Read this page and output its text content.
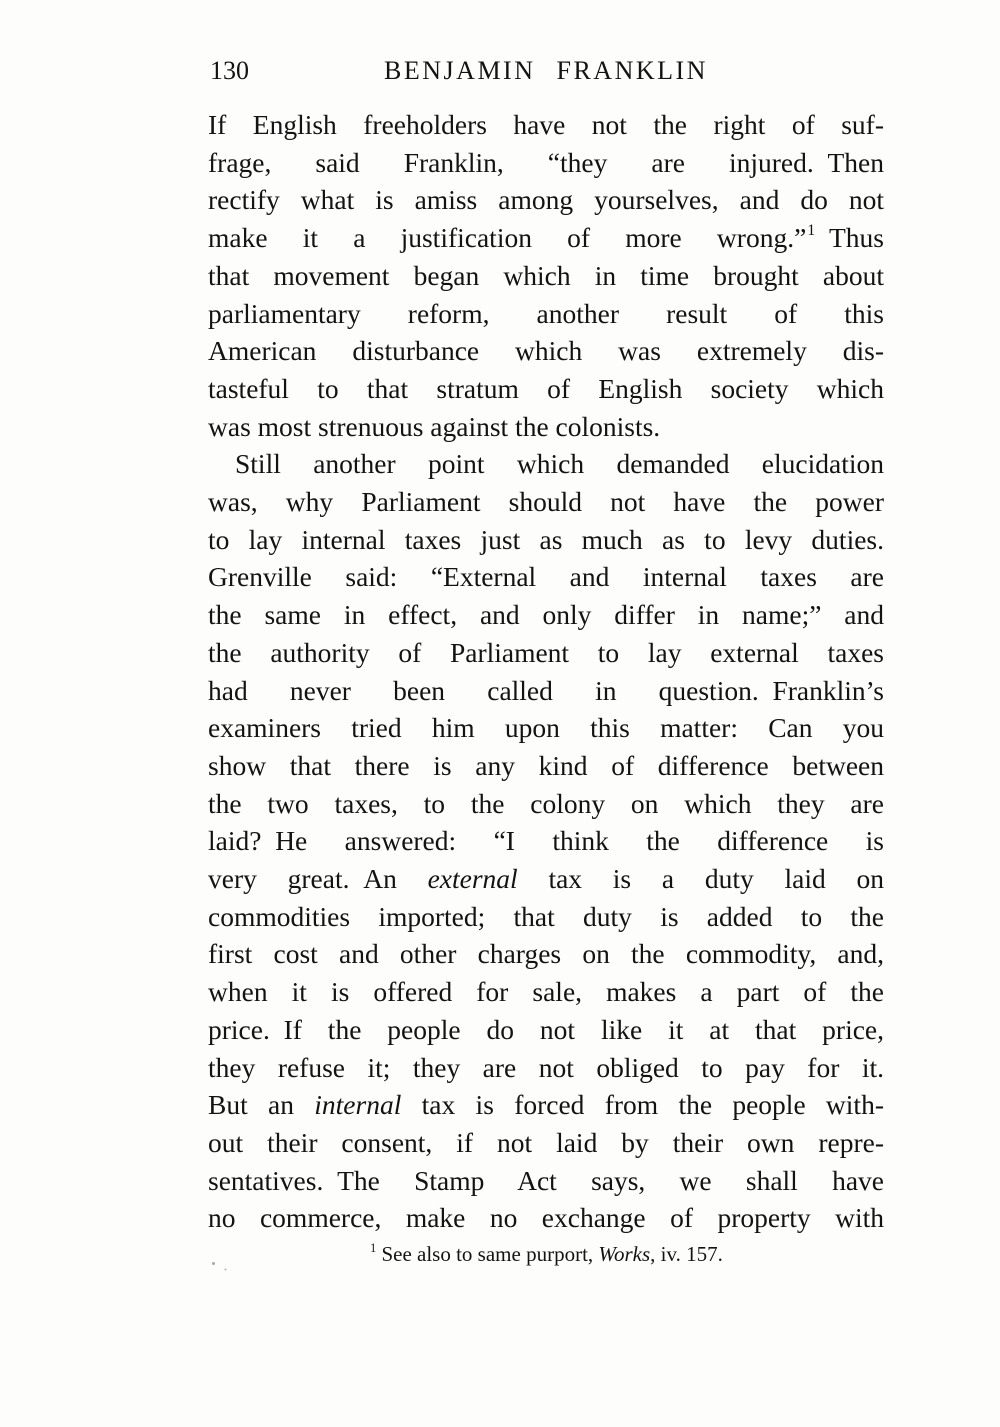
130	BENJAMIN FRANKLIN
If English freeholders have not the right of suf-
frage, said Franklin, “they are injured. Then
rectify what is amiss among yourselves, and do not
make it a justification of more wrong.”$^1$ Thus
that movement began which in time brought about
parliamentary reform, another result of this
American disturbance which was extremely dis-
tasteful to that stratum of English society which
was most strenuous against the colonists.
Still another point which demanded elucidation
was, why Parliament should not have the power
to lay internal taxes just as much as to levy duties.
Grenville said: “External and internal taxes are
the same in effect, and only differ in name;” and
the authority of Parliament to lay external taxes
had never been called in question. Franklin’s
examiners tried him upon this matter: Can you
show that there is any kind of difference between
the two taxes, to the colony on which they are
laid? He answered: “I think the difference is
very great. An external tax is a duty laid on
commodities imported; that duty is added to the
first cost and other charges on the commodity, and,
when it is offered for sale, makes a part of the
price. If the people do not like it at that price,
they refuse it; they are not obliged to pay for it.
But an internal tax is forced from the people with-
out their consent, if not laid by their own repre-
sentatives. The Stamp Act says, we shall have
no commerce, make no exchange of property with
$^1$ See also to same purport, Works, iv. 157.
